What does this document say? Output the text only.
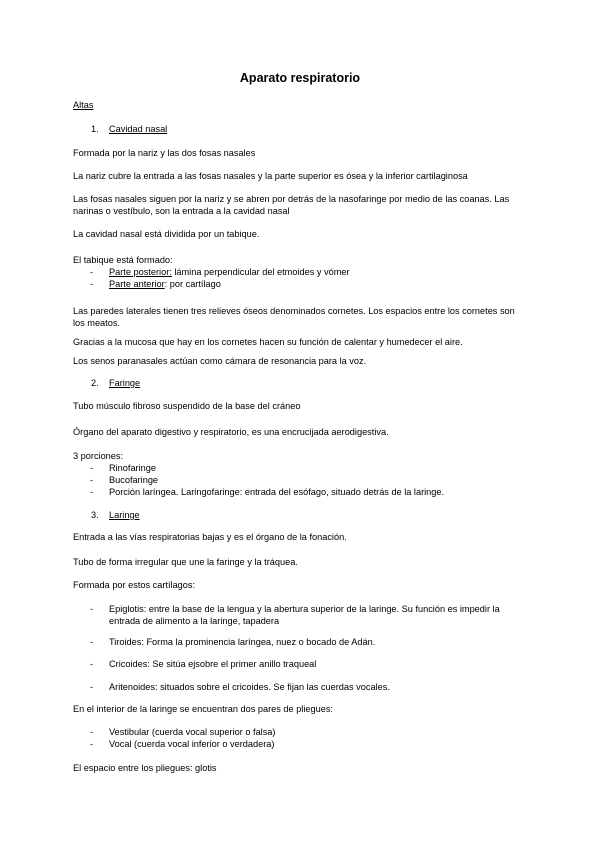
Aparato respiratorio
Altas
1. Cavidad nasal
Formada por la nariz y las dos fosas nasales
La nariz cubre la entrada a las fosas nasales y la parte superior es ósea y la inferior cartilaginosa
Las fosas nasales siguen por la nariz y se abren por detrás de la nasofaringe por medio de las coanas. Las narinas o vestíbulo, son la entrada a la cavidad nasal
La cavidad nasal está dividida por un tabique.
El tabique está formado:
- Parte posterior: lámina perpendicular del etmoides y vómer
- Parte anterior: por cartílago
Las paredes laterales tienen tres relieves óseos denominados cornetes. Los espacios entre los cornetes son los meatos.
Gracias a la mucosa que hay en los cornetes hacen su función de calentar y humedecer el aire.
Los senos paranasales actúan como cámara de resonancia para la voz.
2. Faringe
Tubo músculo fibroso suspendido de la base del cráneo
Órgano del aparato digestivo y respiratorio, es una encrucijada aerodigestiva.
3 porciones:
- Rinofaringe
- Bucofaringe
- Porción laríngea. Laringofaringe: entrada del esófago, situado detrás de la laringe.
3. Laringe
Entrada a las vías respiratorias bajas y es el órgano de la fonación.
Tubo de forma irregular que une la faringe y la tráquea.
Formada por estos cartílagos:
- Epiglotis: entre la base de la lengua y la abertura superior de la laringe. Su función es impedir la entrada de alimento a la laringe, tapadera
- Tiroides: Forma la prominencia laríngea, nuez o bocado de Adán.
- Cricoides: Se sitúa ejsobre el primer anillo traqueal
- Aritenoides: situados sobre el cricoides. Se fijan las cuerdas vocales.
En el interior de la laringe se encuentran dos pares de pliegues:
- Vestibular (cuerda vocal superior o falsa)
- Vocal (cuerda vocal inferior o verdadera)
El espacio entre los pliegues: glotis
